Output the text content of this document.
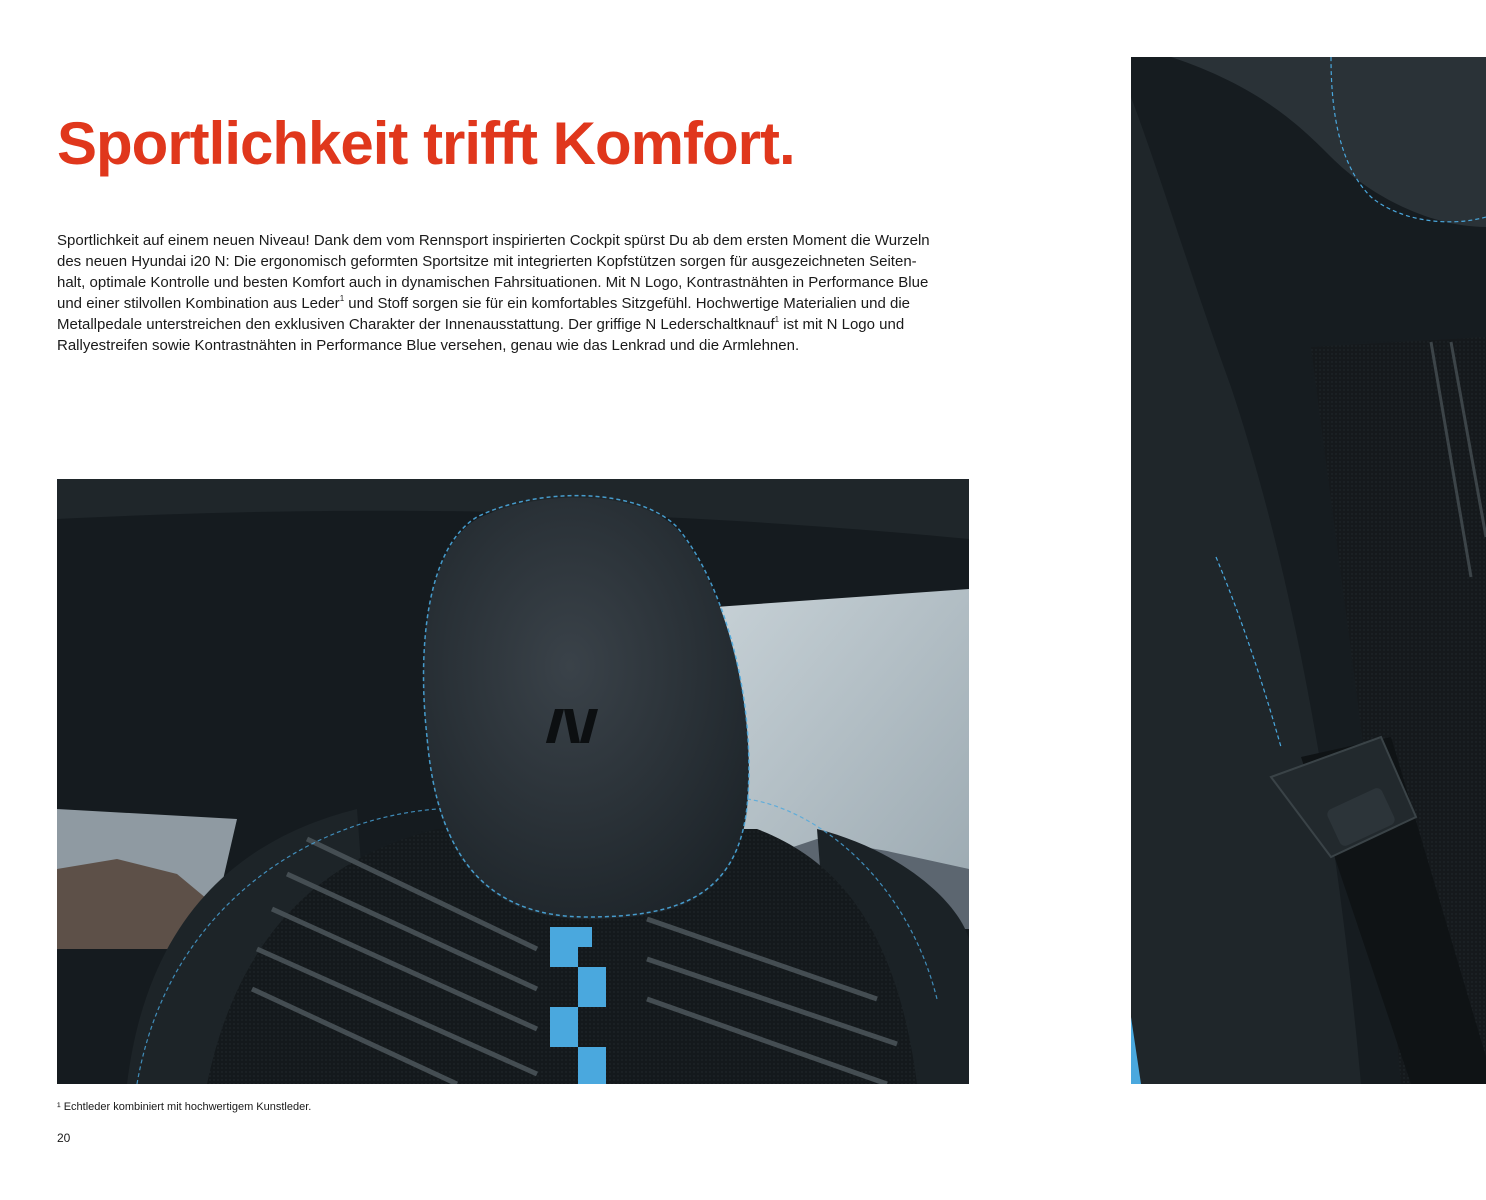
Sportlichkeit trifft Komfort.

Sportlichkeit auf einem neuen Niveau! Dank dem vom Rennsport inspirierten Cockpit spürst Du ab dem ersten Moment die Wurzeln
des neuen Hyundai i20 N: Die ergonomisch geformten Sportsitze mit integrierten Kopfstützen sorgen für ausgezeichneten Seiten-
halt, optimale Kontrolle und besten Komfort auch in dynamischen Fahrsituationen. Mit N Logo, Kontrastnähten in Performance Blue
und einer stilvollen Kombination aus Leder$^1$ und Stoff sorgen sie für ein komfortables Sitzgefühl. Hochwertige Materialien und die
Metallpedale unterstreichen den exklusiven Charakter der Innenausstattung. Der griffige N Lederschaltknauf$^1$ ist mit N Logo und
Rallyestreifen sowie Kontrastnähten in Performance Blue versehen, genau wie das Lenkrad und die Armlehnen.

¹ Echtleder kombiniert mit hochwertigem Kunstleder.

20
